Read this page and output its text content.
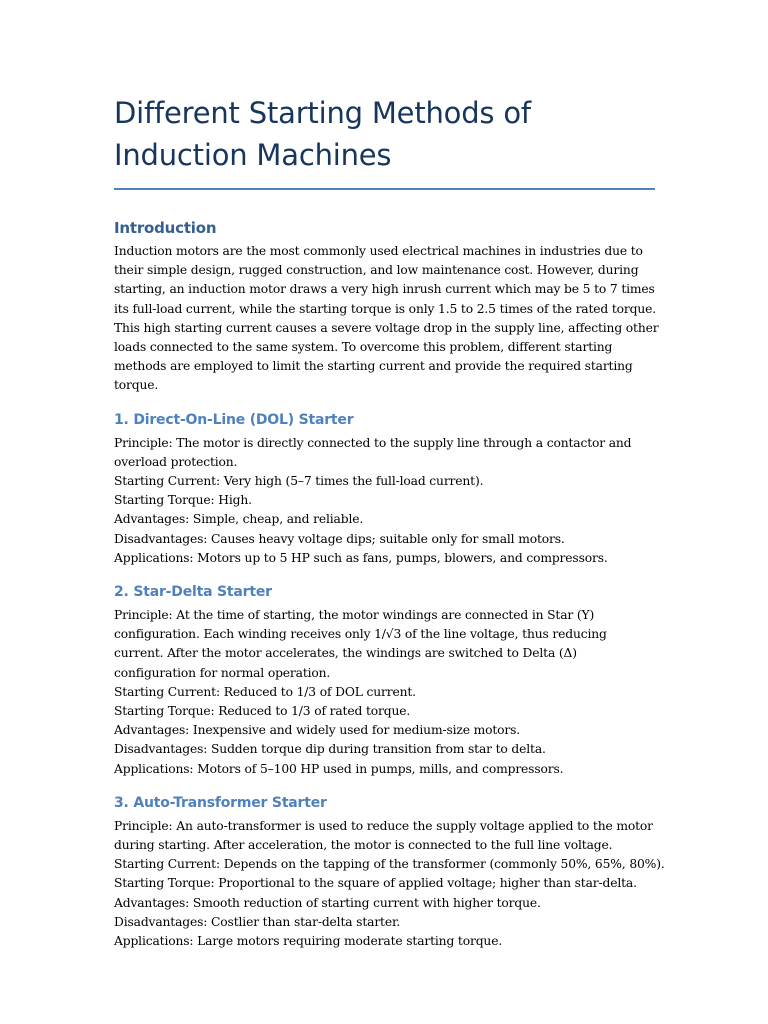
Different Starting Methods of Induction Machines
Introduction

Induction motors are the most commonly used electrical machines in industries due to their simple design, rugged construction, and low maintenance cost. However, during starting, an induction motor draws a very high inrush current which may be 5 to 7 times its full-load current, while the starting torque is only 1.5 to 2.5 times of the rated torque. This high starting current causes a severe voltage drop in the supply line, affecting other loads connected to the same system. To overcome this problem, different starting methods are employed to limit the starting current and provide the required starting torque.

1. Direct-On-Line (DOL) Starter

Principle: The motor is directly connected to the supply line through a contactor and overload protection.

Starting Current: Very high (5–7 times the full-load current).
Starting Torque: High.
Advantages: Simple, cheap, and reliable.
Disadvantages: Causes heavy voltage dips; suitable only for small motors.
Applications: Motors up to 5 HP such as fans, pumps, blowers, and compressors.
2. Star-Delta Starter

Principle: At the time of starting, the motor windings are connected in Star (Y) configuration. Each winding receives only 1/√3 of the line voltage, thus reducing current. After the motor accelerates, the windings are switched to Delta (Δ) configuration for normal operation.

Starting Current: Reduced to 1/3 of DOL current.
Starting Torque: Reduced to 1/3 of rated torque.
Advantages: Inexpensive and widely used for medium-size motors.
Disadvantages: Sudden torque dip during transition from star to delta.
Applications: Motors of 5–100 HP used in pumps, mills, and compressors.
3. Auto-Transformer Starter

Principle: An auto-transformer is used to reduce the supply voltage applied to the motor during starting. After acceleration, the motor is connected to the full line voltage.

Starting Current: Depends on the tapping of the transformer (commonly 50%, 65%, 80%).
Starting Torque: Proportional to the square of applied voltage; higher than star-delta.
Advantages: Smooth reduction of starting current with higher torque.
Disadvantages: Costlier than star-delta starter.
Applications: Large motors requiring moderate starting torque.
